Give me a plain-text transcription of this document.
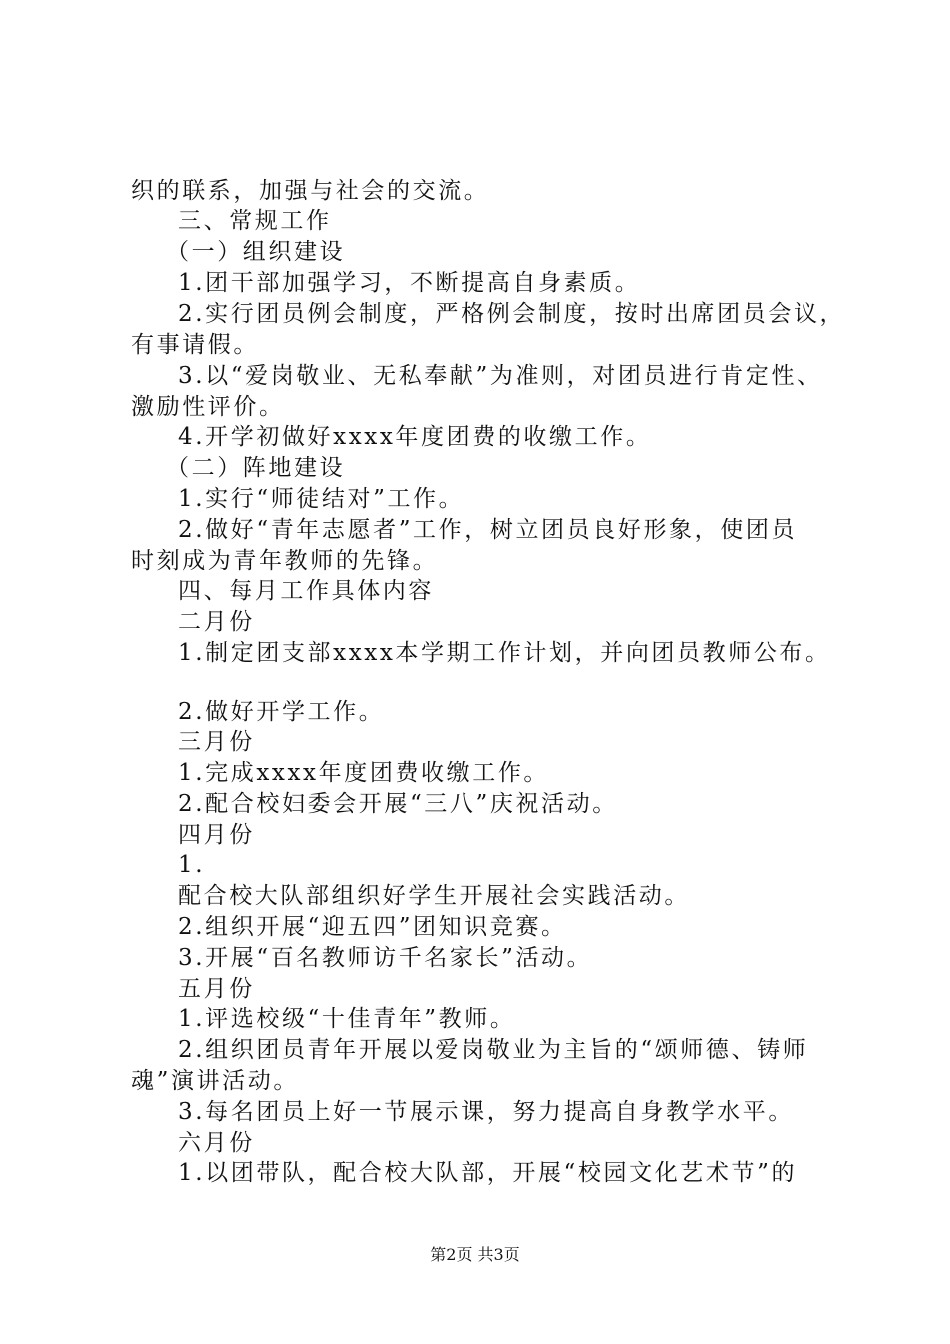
织的联系，加强与社会的交流。
三、常规工作
（一）组织建设
1.团干部加强学习，不断提高自身素质。
2.实行团员例会制度，严格例会制度，按时出席团员会议，
有事请假。
3.以“爱岗敬业、无私奉献”为准则，对团员进行肯定性、
激励性评价。
4.开学初做好xxxx年度团费的收缴工作。
（二）阵地建设
1.实行“师徒结对”工作。
2.做好“青年志愿者”工作，树立团员良好形象，使团员
时刻成为青年教师的先锋。
四、每月工作具体内容
二月份
1.制定团支部xxxx本学期工作计划，并向团员教师公布。
2.做好开学工作。
三月份
1.完成xxxx年度团费收缴工作。
2.配合校妇委会开展“三八”庆祝活动。
四月份
1.
配合校大队部组织好学生开展社会实践活动。
2.组织开展“迎五四”团知识竞赛。
3.开展“百名教师访千名家长”活动。
五月份
1.评选校级“十佳青年”教师。
2.组织团员青年开展以爱岗敬业为主旨的“颂师德、铸师
魂”演讲活动。
3.每名团员上好一节展示课，努力提高自身教学水平。
六月份
1.以团带队，配合校大队部，开展“校园文化艺术节”的
第2页 共3页
